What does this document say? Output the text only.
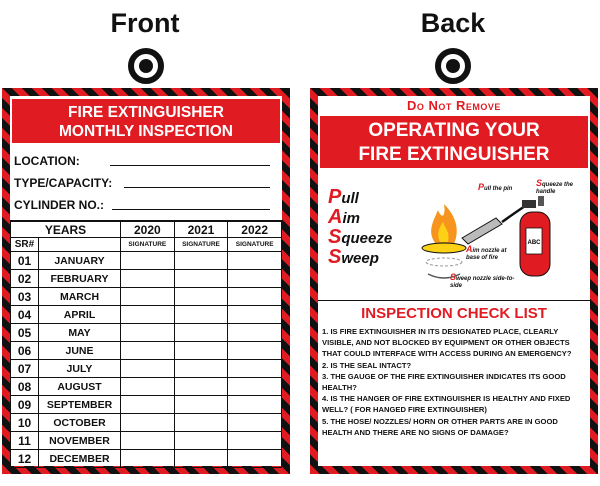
Front
FIRE EXTINGUISHER
MONTHLY INSPECTION
LOCATION:
TYPE/CAPACITY:
CYLINDER NO.:
YEARS		2020	2021	2022
SR#		SIGNATURE	SIGNATURE	SIGNATURE
01	JANUARY			
02	FEBRUARY			
03	MARCH			
04	APRIL			
05	MAY			
06	JUNE			
07	JULY			
08	AUGUST			
09	SEPTEMBER			
10	OCTOBER			
11	NOVEMBER			
12	DECEMBER			
Back
Do Not Remove
OPERATING YOUR
FIRE EXTINGUISHER
Pull
Aim
Squeeze
Sweep
ABC
Pull the pin
Squeeze the handle
Aim nozzle at base of fire
Sweep nozzle side-to-side
INSPECTION CHECK LIST
1. IS FIRE EXTINGUISHER IN ITS DESIGNATED PLACE, CLEARLY VISIBLE, AND NOT BLOCKED BY EQUIPMENT OR OTHER OBJECTS THAT COULD INTERFACE WITH ACCESS DURING AN EMERGENCY?
2. IS THE SEAL INTACT?
3. THE GAUGE OF THE FIRE EXTINGUISHER INDICATES ITS GOOD HEALTH?
4. IS THE HANGER OF FIRE EXTINGUISHER IS HEALTHY AND FIXED WELL? ( FOR HANGED FIRE EXTINGUISHER)
5. THE HOSE/ NOZZLES/ HORN OR OTHER PARTS ARE IN GOOD HEALTH AND THERE ARE NO SIGNS OF DAMAGE?
